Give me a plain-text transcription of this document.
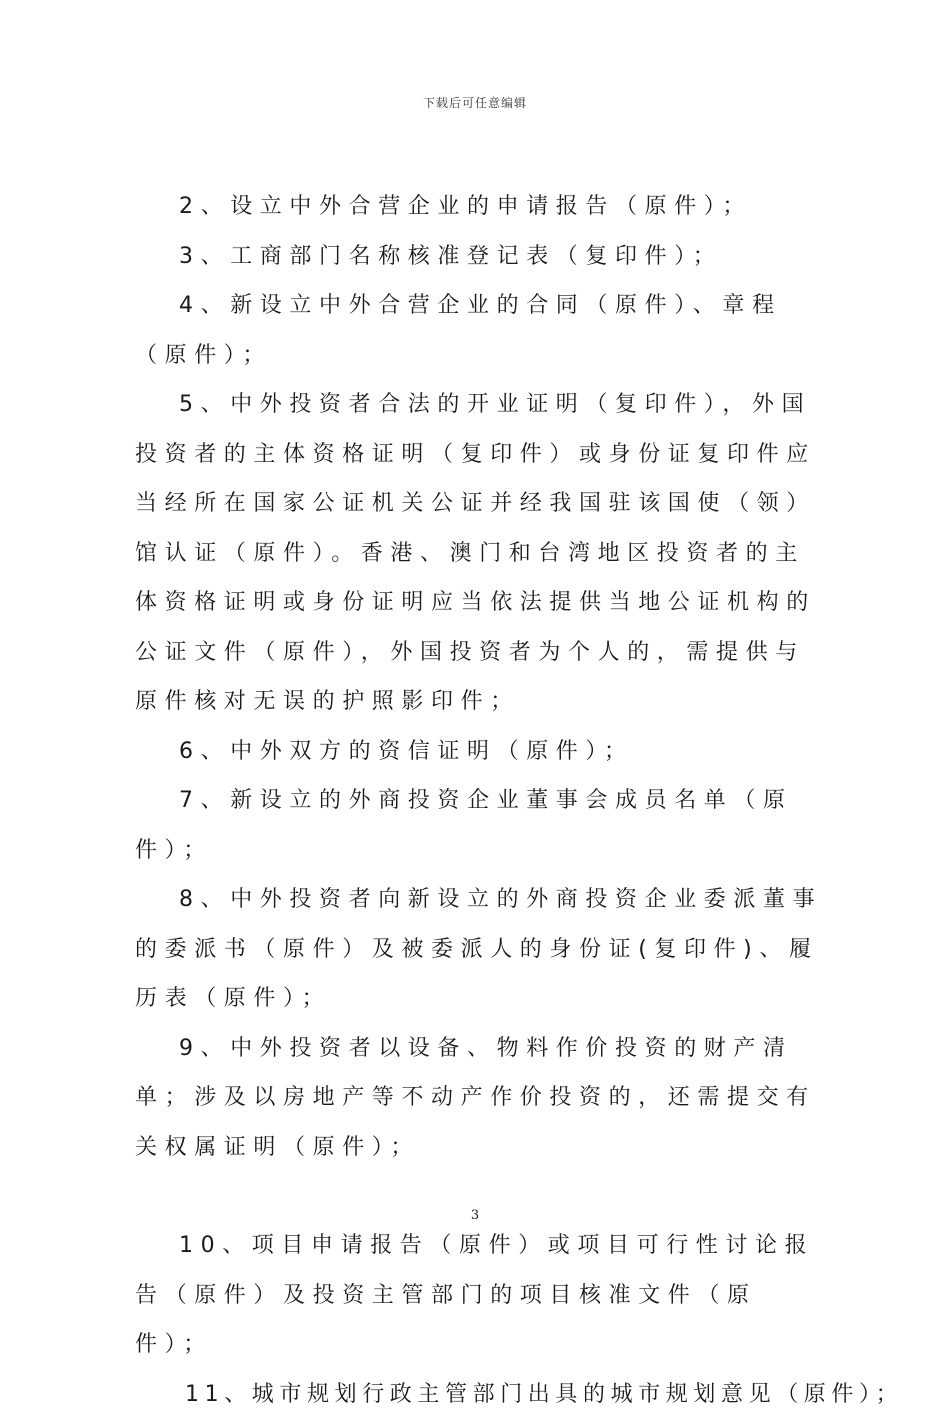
下载后可任意编辑

2、设立中外合营企业的申请报告（原件）；

3、工商部门名称核准登记表（复印件）；

4、新设立中外合营企业的合同（原件）、章程（原件）；

5、中外投资者合法的开业证明（复印件），外国投资者的主体资格证明（复印件）或身份证复印件应当经所在国家公证机关公证并经我国驻该国使（领）馆认证（原件）。香港、澳门和台湾地区投资者的主体资格证明或身份证明应当依法提供当地公证机构的公证文件（原件），外国投资者为个人的，需提供与原件核对无误的护照影印件；

6、中外双方的资信证明（原件）；

7、新设立的外商投资企业董事会成员名单（原件）；

8、中外投资者向新设立的外商投资企业委派董事的委派书（原件）及被委派人的身份证(复印件)、履历表（原件）；

9、中外投资者以设备、物料作价投资的财产清单；涉及以房地产等不动产作价投资的，还需提交有关权属证明（原件）；

10、项目申请报告（原件）或项目可行性讨论报告（原件）及投资主管部门的项目核准文件（原件）；

11、城市规划行政主管部门出具的城市规划意见（原件）；

3
